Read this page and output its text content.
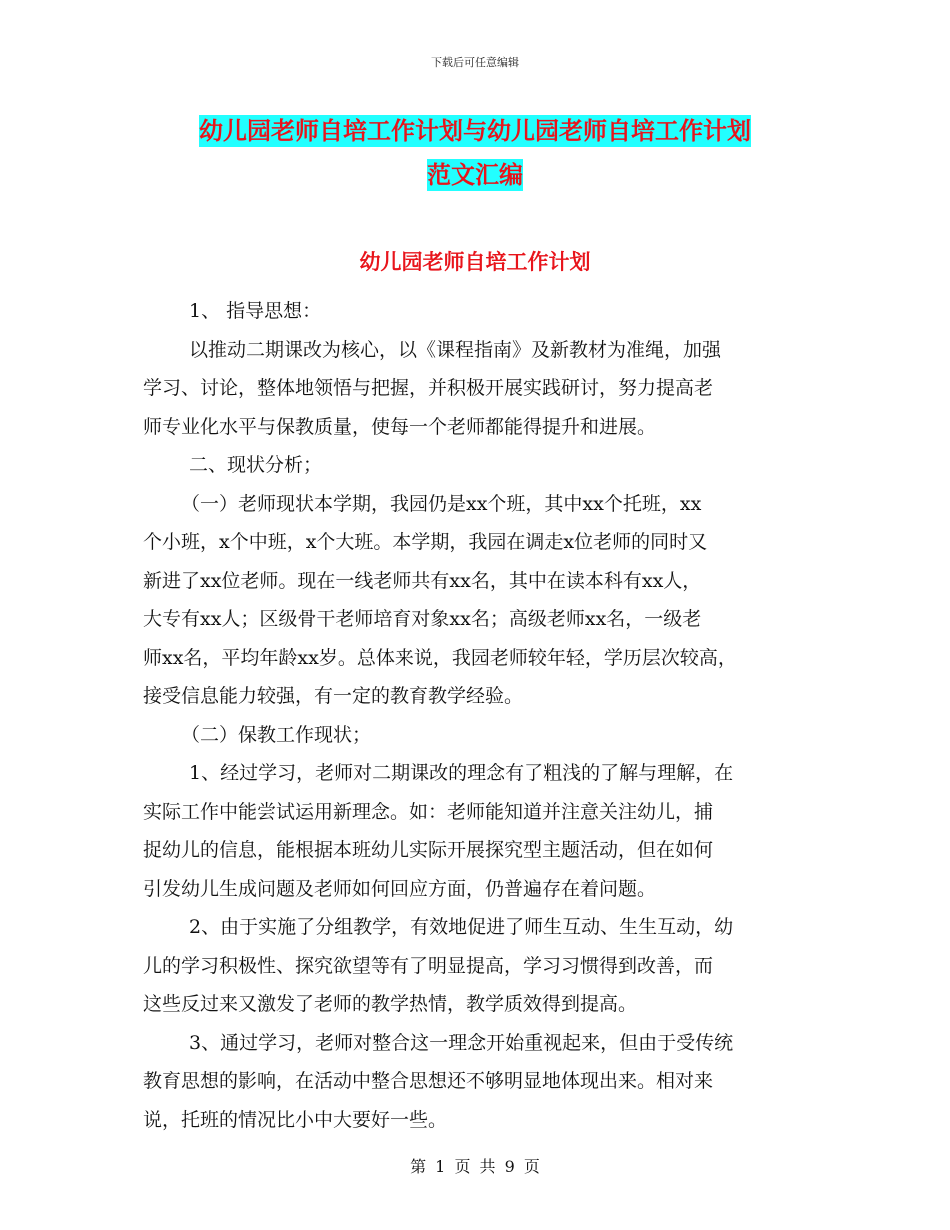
下载后可任意编辑
幼儿园老师自培工作计划与幼儿园老师自培工作计划
范文汇编
幼儿园老师自培工作计划
1、 指导思想：
以推动二期课改为核心，以《课程指南》及新教材为准绳，加强
学习、讨论，整体地领悟与把握，并积极开展实践研讨，努力提高老
师专业化水平与保教质量，使每一个老师都能得提升和进展。
二、现状分析；
（一）老师现状本学期，我园仍是xx个班，其中xx个托班，xx
个小班，x个中班，x个大班。本学期，我园在调走x位老师的同时又
新进了xx位老师。现在一线老师共有xx名，其中在读本科有xx人，
大专有xx人；区级骨干老师培育对象xx名；高级老师xx名，一级老
师xx名，平均年龄xx岁。总体来说，我园老师较年轻，学历层次较高，
接受信息能力较强，有一定的教育教学经验。
（二）保教工作现状；
1、经过学习，老师对二期课改的理念有了粗浅的了解与理解，在
实际工作中能尝试运用新理念。如：老师能知道并注意关注幼儿，捕
捉幼儿的信息，能根据本班幼儿实际开展探究型主题活动，但在如何
引发幼儿生成问题及老师如何回应方面，仍普遍存在着问题。
2、由于实施了分组教学，有效地促进了师生互动、生生互动，幼
儿的学习积极性、探究欲望等有了明显提高，学习习惯得到改善，而
这些反过来又激发了老师的教学热情，教学质效得到提高。
3、通过学习，老师对整合这一理念开始重视起来，但由于受传统
教育思想的影响，在活动中整合思想还不够明显地体现出来。相对来
说，托班的情况比小中大要好一些。
第 1 页 共 9 页
